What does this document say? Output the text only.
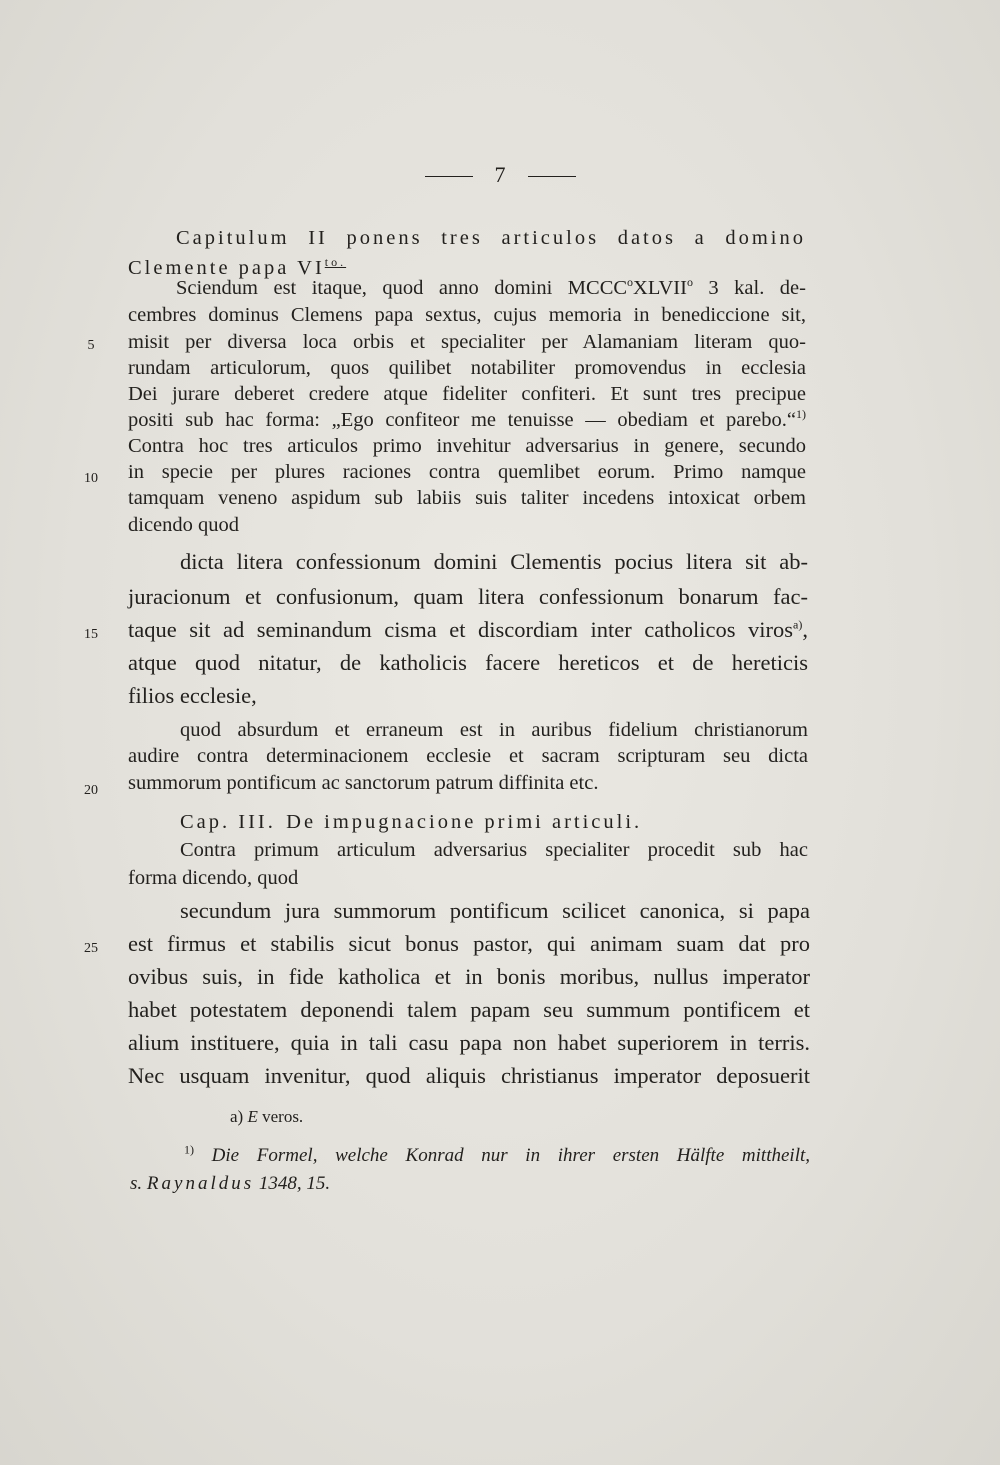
7
Capitulum II ponens tres articulos datos a domino
Clemente papa $VI^{to.}$
Sciendum est itaque, quod anno domini MCCC$^o$XLVII$^o$ 3 kal. de-
cembres dominus Clemens papa sextus, cujus memoria in benediccione sit,
misit per diversa loca orbis et specialiter per Alamaniam literam quo-
rundam articulorum, quos quilibet notabiliter promovendus in ecclesia
Dei jurare deberet credere atque fideliter confiteri. Et sunt tres precipue
positi sub hac forma: „Ego confiteor me tenuisse — obediam et parebo.“$^{1)}$
Contra hoc tres articulos primo invehitur adversarius in genere, secundo
in specie per plures raciones contra quemlibet eorum. Primo namque
tamquam veneno aspidum sub labiis suis taliter incedens intoxicat orbem
dicendo quod
dicta litera confessionum domini Clementis pocius litera sit ab-
juracionum et confusionum, quam litera confessionum bonarum fac-
taque sit ad seminandum cisma et discordiam inter catholicos viros$^{a)}$,
atque quod nitatur, de katholicis facere hereticos et de hereticis
filios ecclesie,
quod absurdum et erraneum est in auribus fidelium christianorum
audire contra determinacionem ecclesie et sacram scripturam seu dicta
summorum pontificum ac sanctorum patrum diffinita etc.
Cap. III. De impugnacione primi articuli.
Contra primum articulum adversarius specialiter procedit sub hac
forma dicendo, quod
secundum jura summorum pontificum scilicet canonica, si papa
est firmus et stabilis sicut bonus pastor, qui animam suam dat pro
ovibus suis, in fide katholica et in bonis moribus, nullus imperator
habet potestatem deponendi talem papam seu summum pontificem et
alium instituere, quia in tali casu papa non habet superiorem in terris.
Nec usquam invenitur, quod aliquis christianus imperator deposuerit
a) E veros.
$^{1)}$ Die Formel, welche Konrad nur in ihrer ersten Hälfte mittheilt,
s. Raynaldus 1348, 15.
5
10
15
20
25
